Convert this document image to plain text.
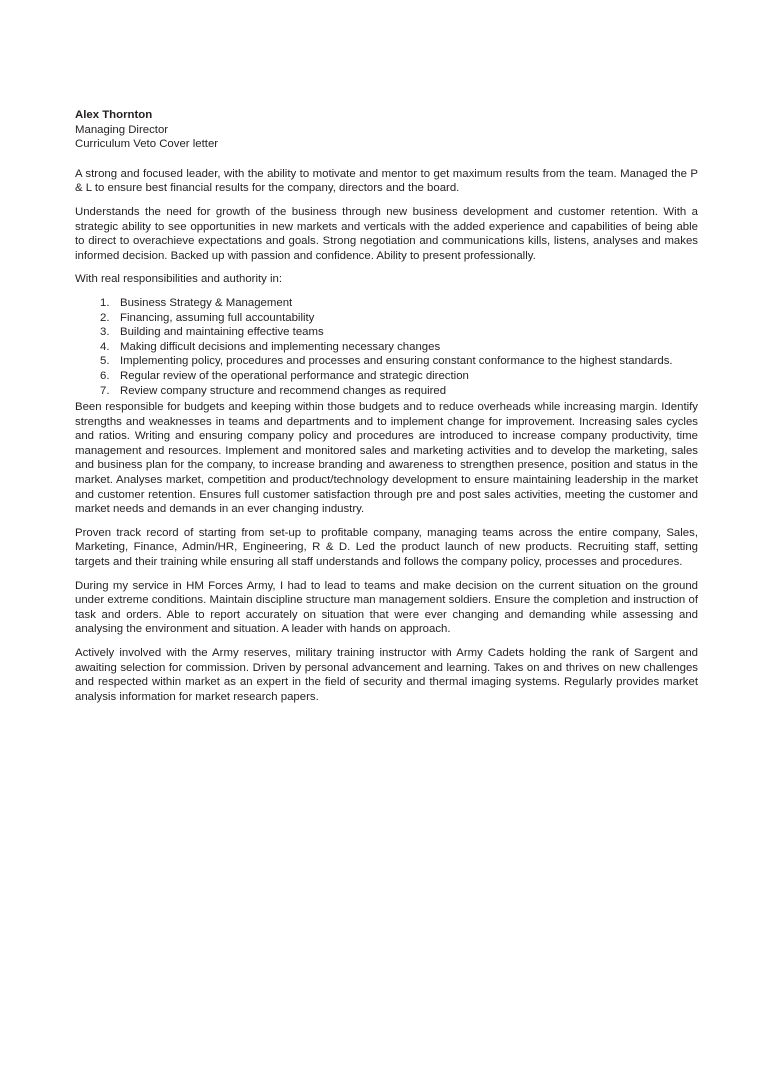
Alex Thornton
Managing Director
Curriculum Veto Cover letter

A strong and focused leader, with the ability to motivate and mentor to get maximum results from the team. Managed the P & L to ensure best financial results for the company, directors and the board.

Understands the need for growth of the business through new business development and customer retention. With a strategic ability to see opportunities in new markets and verticals with the added experience and capabilities of being able to direct to overachieve expectations and goals. Strong negotiation and communications kills, listens, analyses and makes informed decision. Backed up with passion and confidence. Ability to present professionally.

With real responsibilities and authority in:

1. Business Strategy & Management
2. Financing, assuming full accountability
3. Building and maintaining effective teams
4. Making difficult decisions and implementing necessary changes
5. Implementing policy, procedures and processes and ensuring constant conformance to the highest standards.
6. Regular review of the operational performance and strategic direction
7. Review company structure and recommend changes as required

Been responsible for budgets and keeping within those budgets and to reduce overheads while increasing margin. Identify strengths and weaknesses in teams and departments and to implement change for improvement. Increasing sales cycles and ratios. Writing and ensuring company policy and procedures are introduced to increase company productivity, time management and resources. Implement and monitored sales and marketing activities and to develop the marketing, sales and business plan for the company, to increase branding and awareness to strengthen presence, position and status in the market. Analyses market, competition and product/technology development to ensure maintaining leadership in the market and customer retention. Ensures full customer satisfaction through pre and post sales activities, meeting the customer and market needs and demands in an ever changing industry.

Proven track record of starting from set-up to profitable company, managing teams across the entire company, Sales, Marketing, Finance, Admin/HR, Engineering, R & D. Led the product launch of new products. Recruiting staff, setting targets and their training while ensuring all staff understands and follows the company policy, processes and procedures.

During my service in HM Forces Army, I had to lead to teams and make decision on the current situation on the ground under extreme conditions. Maintain discipline structure man management soldiers. Ensure the completion and instruction of task and orders. Able to report accurately on situation that were ever changing and demanding while assessing and analysing the environment and situation. A leader with hands on approach.

Actively involved with the Army reserves, military training instructor with Army Cadets holding the rank of Sargent and awaiting selection for commission. Driven by personal advancement and learning. Takes on and thrives on new challenges and respected within market as an expert in the field of security and thermal imaging systems. Regularly provides market analysis information for market research papers.
